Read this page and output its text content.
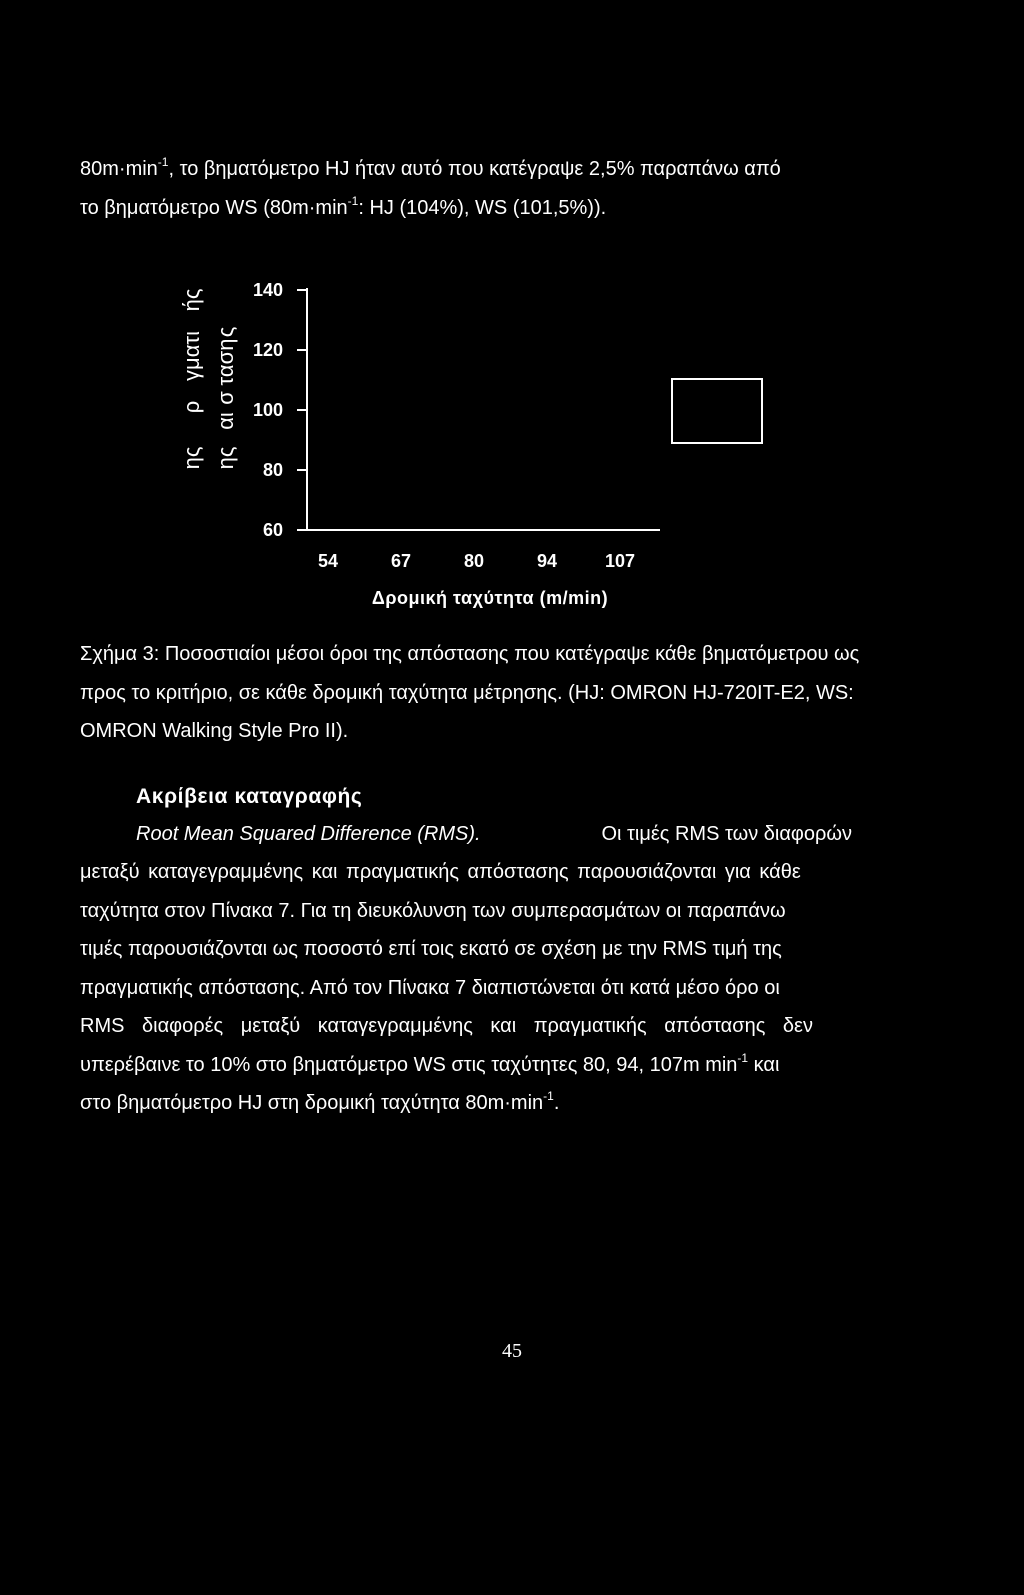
$80m\cdot\min^{-1}$, το βηματόμετρο HJ ήταν αυτό που κατέγραψε 2,5% παραπάνω από
το βηματόμετρο WS ($80m\cdot\min^{-1}$: HJ (104%), WS (101,5%)).
ης
ρ
γματι
ής
ης
αι
σ
ταση
ς
60
80
100
120
140
54	67	80	94	107
Δρομική ταχύτητα (m/min)
Σχήμα 3: Ποσοστιαίοι μέσοι όροι της απόστασης που κατέγραψε κάθε βηματόμετρου ως
προς το κριτήριο, σε κάθε δρομική ταχύτητα μέτρησης. (HJ: OMRON HJ-720IT-E2, WS:
OMRON Walking Style Pro II).
Ακρίβεια καταγραφής
Root Mean Squared Difference (RMS).	Οι τιμές RMS των διαφορών
μεταξύ καταγεγραμμένης και πραγματικής απόστασης παρουσιάζονται για κάθε
ταχύτητα στον Πίνακα 7. Για τη διευκόλυνση των συμπερασμάτων οι παραπάνω
τιμές παρουσιάζονται ως ποσοστό επί τοις εκατό σε σχέση με την RMS τιμή της
πραγματικής απόστασης. Από τον Πίνακα 7 διαπιστώνεται ότι κατά μέσο όρο οι
RMS διαφορές μεταξύ καταγεγραμμένης και πραγματικής απόστασης δεν
υπερέβαινε το 10% στο βηματόμετρο WS στις ταχύτητες 80, 94, 107m $\min^{-1} \kappa\alpha\iota$
στο βηματόμετρο HJ στη δρομική ταχύτητα $80m\cdot\min^{-1}$.
45
